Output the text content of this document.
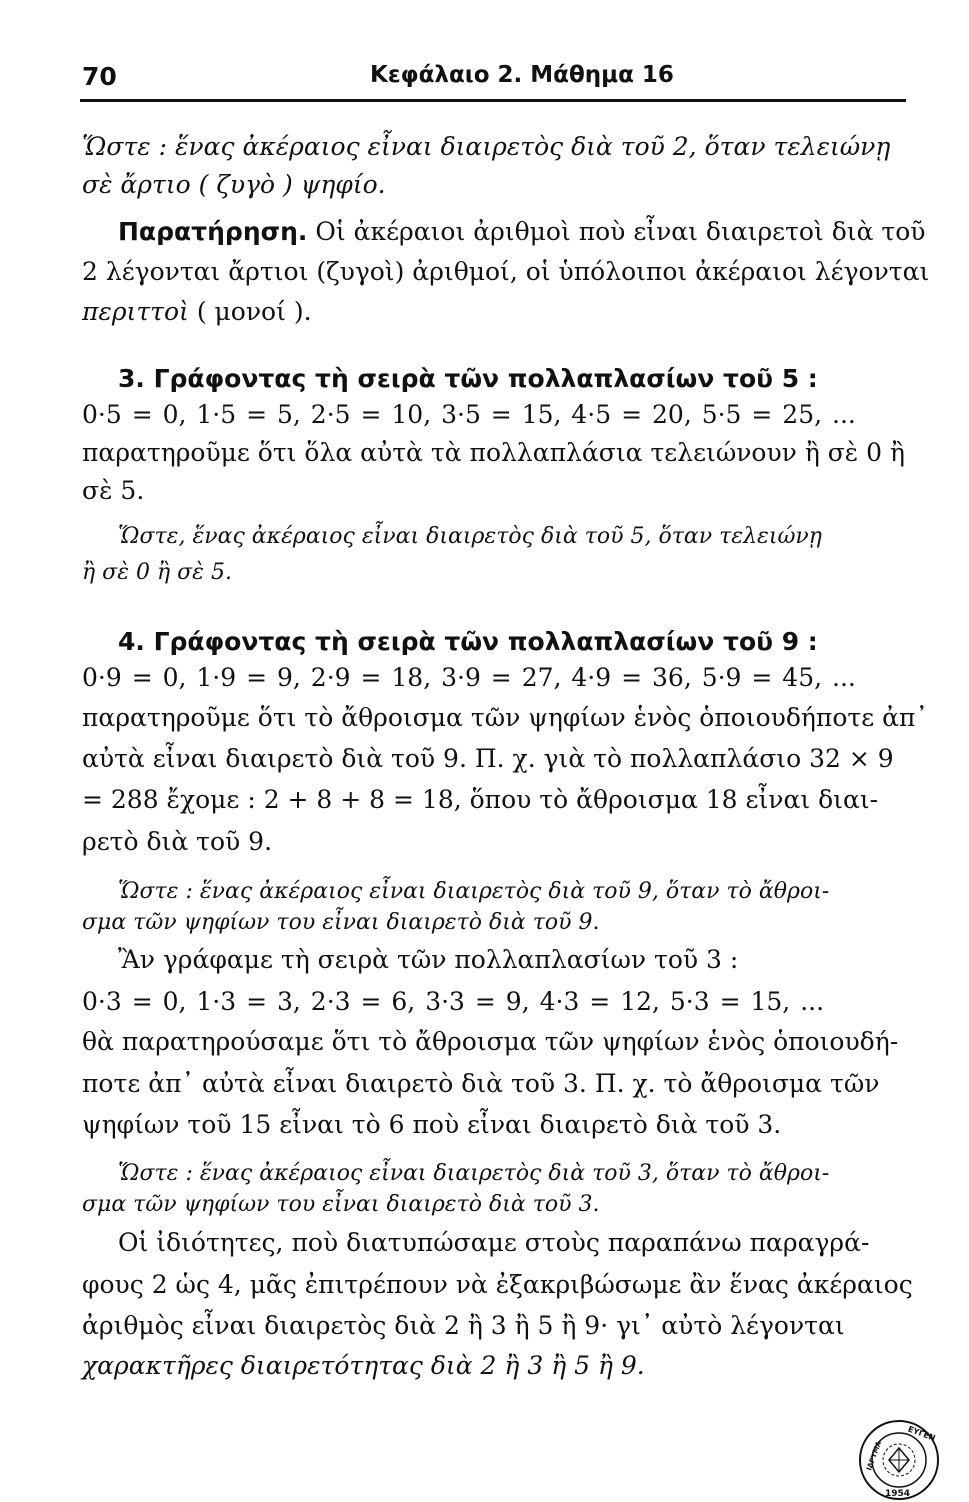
70	Κεφάλαιο 2. Μάθημα 16
Ὥστε : ἕνας ἀκέραιος εἶναι διαιρετὸς διὰ τοῦ 2, ὅταν τελειώνῃ
σὲ ἄρτιο ( ζυγὸ ) ψηφίο.
Παρατήρηση. Οἱ ἀκέραιοι ἀριθμοὶ ποὺ εἶναι διαιρετοὶ διὰ τοῦ
2 λέγονται ἄρτιοι (ζυγοὶ) ἀριθμοί, οἱ ὑπόλοιποι ἀκέραιοι λέγονται
περιττοὶ ( μονοί ).
3. Γράφοντας τὴ σειρὰ τῶν πολλαπλασίων τοῦ 5 :
0·5 = 0, 1·5 = 5, 2·5 = 10, 3·5 = 15, 4·5 = 20, 5·5 = 25, ...
παρατηροῦμε ὅτι ὅλα αὐτὰ τὰ πολλαπλάσια τελειώνουν ἢ σὲ 0 ἢ
σὲ 5.
Ὥστε, ἕνας ἀκέραιος εἶναι διαιρετὸς διὰ τοῦ 5, ὅταν τελειώνῃ
ἢ σὲ 0 ἢ σὲ 5.
4. Γράφοντας τὴ σειρὰ τῶν πολλαπλασίων τοῦ 9 :
0·9 = 0, 1·9 = 9, 2·9 = 18, 3·9 = 27, 4·9 = 36, 5·9 = 45, ...
παρατηροῦμε ὅτι τὸ ἄθροισμα τῶν ψηφίων ἑνὸς ὁποιουδήποτε ἀπ᾽
αὐτὰ εἶναι διαιρετὸ διὰ τοῦ 9. Π. χ. γιὰ τὸ πολλαπλάσιο 32 × 9
= 288 ἔχομε : 2 + 8 + 8 = 18, ὅπου τὸ ἄθροισμα 18 εἶναι διαι-
ρετὸ διὰ τοῦ 9.
Ὥστε : ἕνας ἀκέραιος εἶναι διαιρετὸς διὰ τοῦ 9, ὅταν τὸ ἄθροι-
σμα τῶν ψηφίων του εἶναι διαιρετὸ διὰ τοῦ 9.
Ἂν γράφαμε τὴ σειρὰ τῶν πολλαπλασίων τοῦ 3 :
0·3 = 0, 1·3 = 3, 2·3 = 6, 3·3 = 9, 4·3 = 12, 5·3 = 15, ...
θὰ παρατηρούσαμε ὅτι τὸ ἄθροισμα τῶν ψηφίων ἑνὸς ὁποιουδή-
ποτε ἀπ᾽ αὐτὰ εἶναι διαιρετὸ διὰ τοῦ 3. Π. χ. τὸ ἄθροισμα τῶν
ψηφίων τοῦ 15 εἶναι τὸ 6 ποὺ εἶναι διαιρετὸ διὰ τοῦ 3.
Ὥστε : ἕνας ἀκέραιος εἶναι διαιρετὸς διὰ τοῦ 3, ὅταν τὸ ἄθροι-
σμα τῶν ψηφίων του εἶναι διαιρετὸ διὰ τοῦ 3.
Οἱ ἰδιότητες, ποὺ διατυπώσαμε στοὺς παραπάνω παραγρά-
φους 2 ὡς 4, μᾶς ἐπιτρέπουν νὰ ἐξακριβώσωμε ἂν ἕνας ἀκέραιος
ἀριθμὸς εἶναι διαιρετὸς διὰ 2 ἢ 3 ἢ 5 ἢ 9· γι᾽ αὐτὸ λέγονται
χαρακτῆρες διαιρετότητας διὰ 2 ἢ 3 ἢ 5 ἢ 9.
ΕΥΓΕΝ
ΙΔΡΥΜΑ
1954
